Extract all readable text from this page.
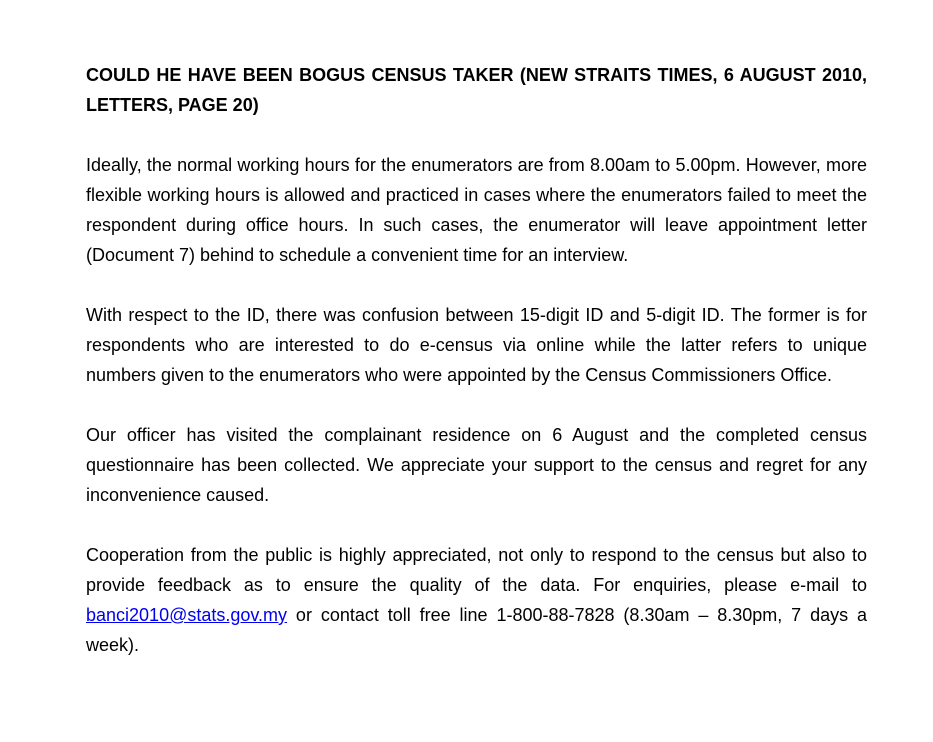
COULD HE HAVE BEEN BOGUS CENSUS TAKER (NEW STRAITS TIMES, 6 AUGUST 2010, LETTERS, PAGE 20)

Ideally, the normal working hours for the enumerators are from 8.00am to 5.00pm. However, more flexible working hours is allowed and practiced in cases where the enumerators failed to meet the respondent during office hours. In such cases, the enumerator will leave appointment letter (Document 7) behind to schedule a convenient time for an interview.

With respect to the ID, there was confusion between 15-digit ID and 5-digit ID. The former is for respondents who are interested to do e-census via online while the latter refers to unique numbers given to the enumerators who were appointed by the Census Commissioners Office.

Our officer has visited the complainant residence on 6 August and the completed census questionnaire has been collected. We appreciate your support to the census and regret for any inconvenience caused.

Cooperation from the public is highly appreciated, not only to respond to the census but also to provide feedback as to ensure the quality of the data. For enquiries, please e-mail to banci2010@stats.gov.my or contact toll free line 1-800-88-7828 (8.30am – 8.30pm, 7 days a week).
